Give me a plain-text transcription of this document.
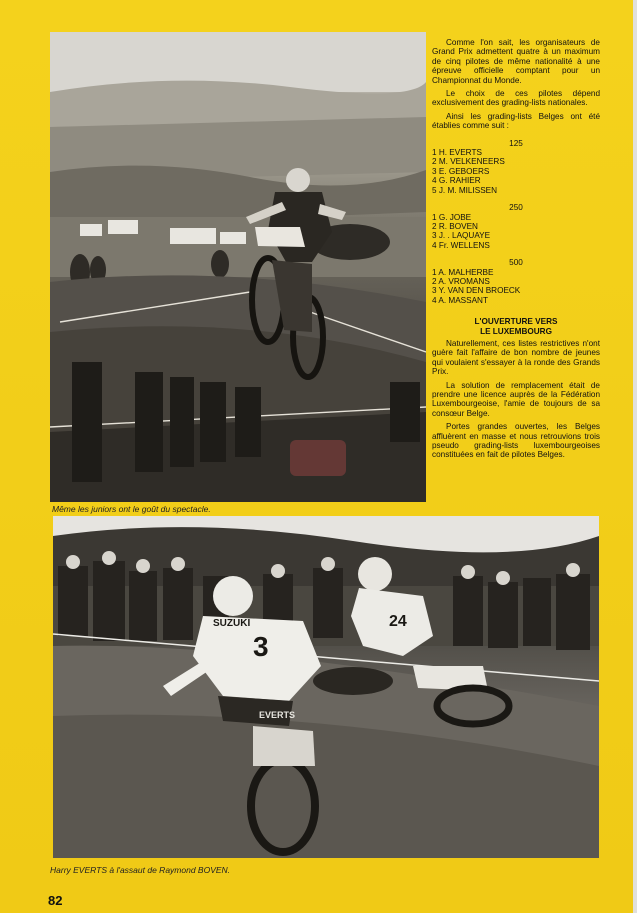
Comme l'on sait, les organisateurs de Grand Prix admettent quatre à un maximum de cinq pilotes de même nationalité à une épreuve officielle comptant pour un Championnat du Monde.

Le choix de ces pilotes dépend exclusivement des grading-lists nationales.

Ainsi les grading-lists Belges ont été établies comme suit :

125
1 H. EVERTS
2 M. VELKENEERS
3 E. GEBOERS
4 G. RAHIER
5 J. M. MILISSEN
250
1 G. JOBE
2 R. BOVEN
3 J. . LAQUAYE
4 Fr. WELLENS
500
1 A. MALHERBE
2 A. VROMANS
3 Y. VAN DEN BROECK
4 A. MASSANT
L'OUVERTURE VERS
LE LUXEMBOURG

Naturellement, ces listes restrictives n'ont guère fait l'affaire de bon nombre de jeunes qui voulaient s'essayer à la ronde des Grands Prix.

La solution de remplacement était de prendre une licence auprès de la Fédération Luxembourgeoise, l'amie de toujours de sa consœur Belge.

Portes grandes ouvertes, les Belges affluèrent en masse et nous retrouvions trois pseudo grading-lists luxembourgeoises constituées en fait de pilotes Belges.

Même les juniors ont le goût du spectacle.
3
SUZUKI
EVERTS
24
Harry EVERTS à l'assaut de Raymond BOVEN.
82
